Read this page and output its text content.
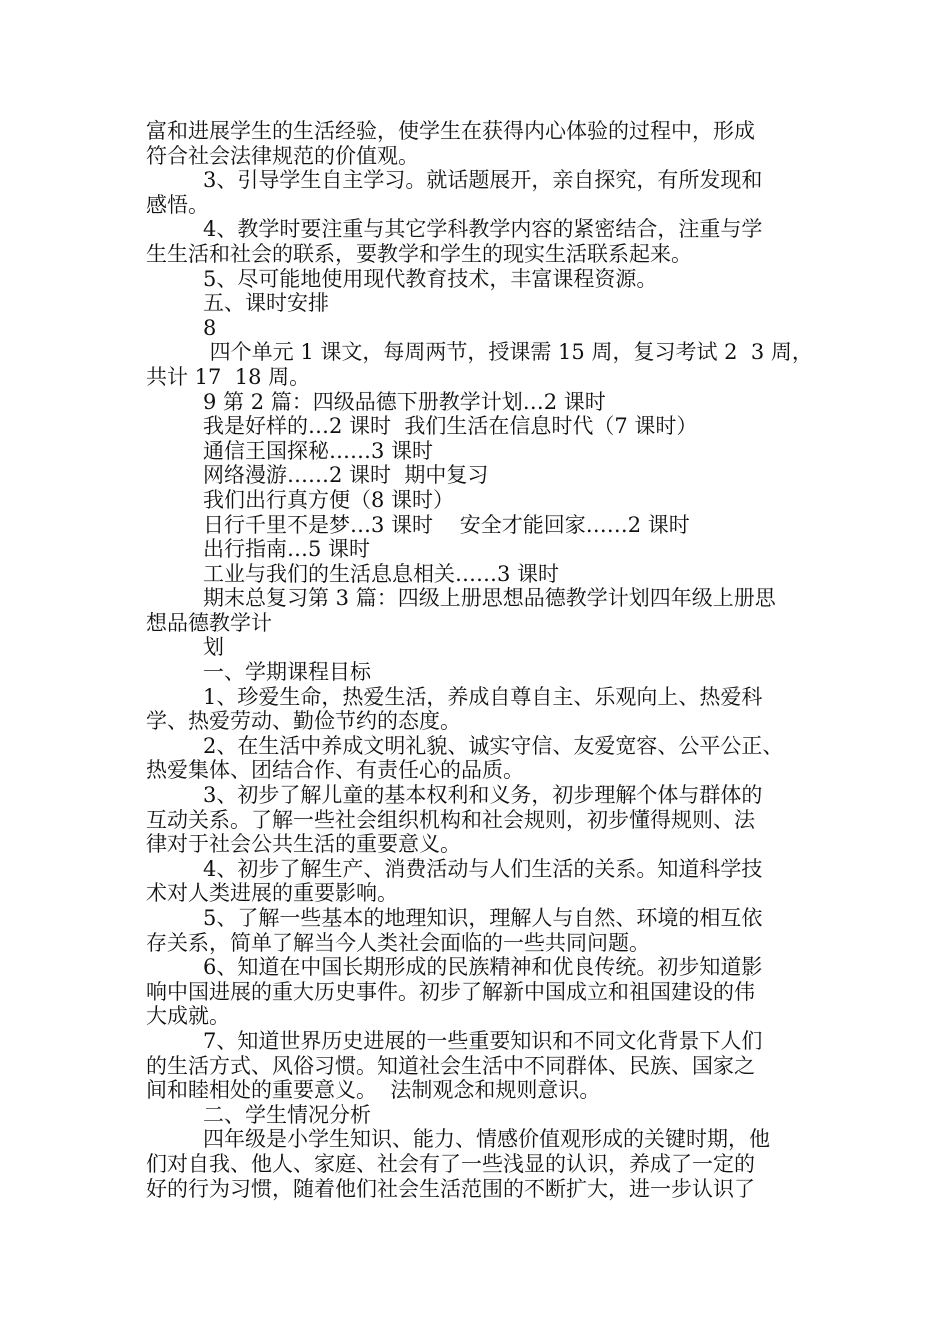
富和进展学生的生活经验，使学生在获得内心体验的过程中，形成
符合社会法律规范的价值观。
3、引导学生自主学习。就话题展开，亲自探究，有所发现和
感悟。
4、教学时要注重与其它学科教学内容的紧密结合，注重与学
生生活和社会的联系，要教学和学生的现实生活联系起来。
5、尽可能地使用现代教育技术，丰富课程资源。
五、课时安排
8
四个单元 1 课文，每周两节，授课需 15 周，复习考试 2  3 周，
共计 17  18 周。
9 第 2 篇：四级品德下册教学计划…2 课时
我是好样的…2 课时  我们生活在信息时代（7 课时）
通信王国探秘……3 课时
网络漫游……2 课时  期中复习
我们出行真方便（8 课时）
日行千里不是梦…3 课时    安全才能回家……2 课时
出行指南…5 课时
工业与我们的生活息息相关……3 课时
期末总复习第 3 篇：四级上册思想品德教学计划四年级上册思
想品德教学计
划
一、学期课程目标
1、珍爱生命，热爱生活，养成自尊自主、乐观向上、热爱科
学、热爱劳动、勤俭节约的态度。
2、在生活中养成文明礼貌、诚实守信、友爱宽容、公平公正、
热爱集体、团结合作、有责任心的品质。
3、初步了解儿童的基本权利和义务，初步理解个体与群体的
互动关系。了解一些社会组织机构和社会规则，初步懂得规则、法
律对于社会公共生活的重要意义。
4、初步了解生产、消费活动与人们生活的关系。知道科学技
术对人类进展的重要影响。
5、了解一些基本的地理知识，理解人与自然、环境的相互依
存关系，简单了解当今人类社会面临的一些共同问题。
6、知道在中国长期形成的民族精神和优良传统。初步知道影
响中国进展的重大历史事件。初步了解新中国成立和祖国建设的伟
大成就。
7、知道世界历史进展的一些重要知识和不同文化背景下人们
的生活方式、风俗习惯。知道社会生活中不同群体、民族、国家之
间和睦相处的重要意义。  法制观念和规则意识。
二、学生情况分析
四年级是小学生知识、能力、情感价值观形成的关键时期，他
们对自我、他人、家庭、社会有了一些浅显的认识，养成了一定的
好的行为习惯，随着他们社会生活范围的不断扩大，进一步认识了
